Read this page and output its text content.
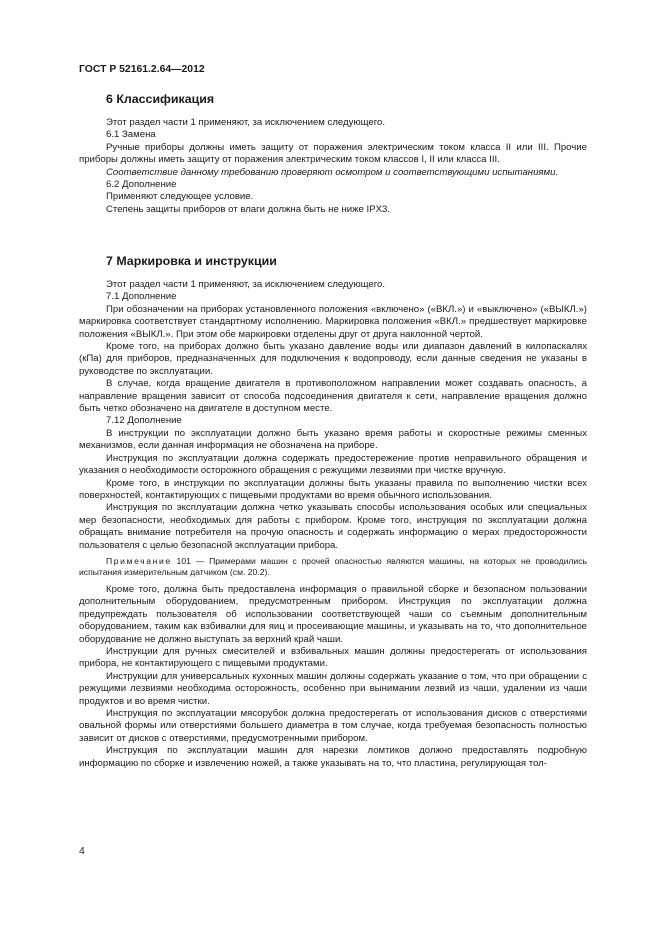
ГОСТ Р 52161.2.64—2012
6 Классификация

Этот раздел части 1 применяют, за исключением следующего.

6.1 Замена

Ручные приборы должны иметь защиту от поражения электрическим током класса II или III. Прочие приборы должны иметь защиту от поражения электрическим током классов I, II или класса III.

Соответствие данному требованию проверяют осмотром и соответствующими испытаниями.

6.2 Дополнение

Применяют следующее условие.

Степень защиты приборов от влаги должна быть не ниже IPX3.

7 Маркировка и инструкции

Этот раздел части 1 применяют, за исключением следующего.

7.1 Дополнение

При обозначении на приборах установленного положения «включено» («ВКЛ.») и «выключено» («ВЫКЛ.») маркировка соответствует стандартному исполнению. Маркировка положения «ВКЛ.» предшествует маркировке положения «ВЫКЛ.». При этом обе маркировки отделены друг от друга наклонной чертой.

Кроме того, на приборах должно быть указано давление воды или диапазон давлений в килопаскалях (кПа) для приборов, предназначенных для подключения к водопроводу, если данные сведения не указаны в руководстве по эксплуатации.

В случае, когда вращение двигателя в противоположном направлении может создавать опасность, а направление вращения зависит от способа подсоединения двигателя к сети, направление вращения должно быть четко обозначено на двигателе в доступном месте.

7.12 Дополнение

В инструкции по эксплуатации должно быть указано время работы и скоростные режимы сменных механизмов, если данная информация не обозначена на приборе.

Инструкция по эксплуатации должна содержать предостережение против неправильного обращения и указания о необходимости осторожного обращения с режущими лезвиями при чистке вручную.

Кроме того, в инструкции по эксплуатации должны быть указаны правила по выполнению чистки всех поверхностей, контактирующих с пищевыми продуктами во время обычного использования.

Инструкция по эксплуатации должна четко указывать способы использования особых или специальных мер безопасности, необходимых для работы с прибором. Кроме того, инструкция по эксплуатации должна обращать внимание потребителя на прочую опасность и содержать информацию о мерах предосторожности пользователя с целью безопасной эксплуатации прибора.

Примечание 101 — Примерами машин с прочей опасностью являются машины, на которых не проводились испытания измерительным датчиком (см. 20.2).

Кроме того, должна быть предоставлена информация о правильной сборке и безопасном пользовании дополнительным оборудованием, предусмотренным прибором. Инструкция по эксплуатации должна предупреждать пользователя об использовании соответствующей чаши со съемным дополнительным оборудованием, таким как взбивалки для яиц и просеивающие машины, и указывать на то, что дополнительное оборудование не должно выступать за верхний край чаши.

Инструкции для ручных смесителей и взбивальных машин должны предостерегать от использования прибора, не контактирующего с пищевыми продуктами.

Инструкции для универсальных кухонных машин должны содержать указание о том, что при обращении с режущими лезвиями необходима осторожность, особенно при вынимании лезвий из чаши, удалении из чаши продуктов и во время чистки.

Инструкция по эксплуатации мясорубок должна предостерегать от использования дисков с отверстиями овальной формы или отверстиями большего диаметра в том случае, когда требуемая безопасность полностью зависит от дисков с отверстиями, предусмотренными прибором.

Инструкция по эксплуатации машин для нарезки ломтиков должно предоставлять подробную информацию по сборке и извлечению ножей, а также указывать на то, что пластина, регулирующая тол-

4
